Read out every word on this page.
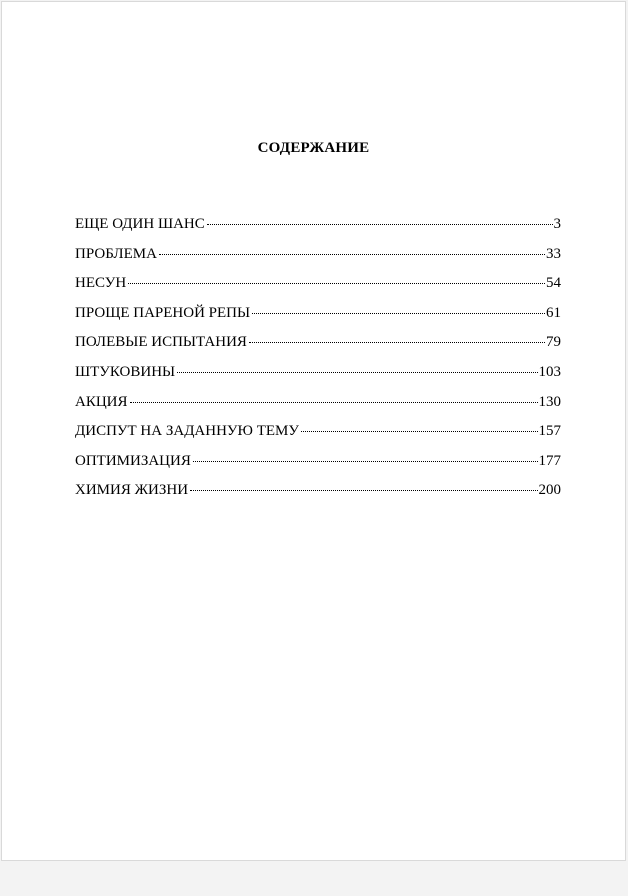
СОДЕРЖАНИЕ
ЕЩЕ ОДИН ШАНС	3
ПРОБЛЕМА	33
НЕСУН	54
ПРОЩЕ ПАРЕНОЙ РЕПЫ	61
ПОЛЕВЫЕ ИСПЫТАНИЯ	79
ШТУКОВИНЫ	103
АКЦИЯ	130
ДИСПУТ НА ЗАДАННУЮ ТЕМУ	157
ОПТИМИЗАЦИЯ	177
ХИМИЯ ЖИЗНИ	200
